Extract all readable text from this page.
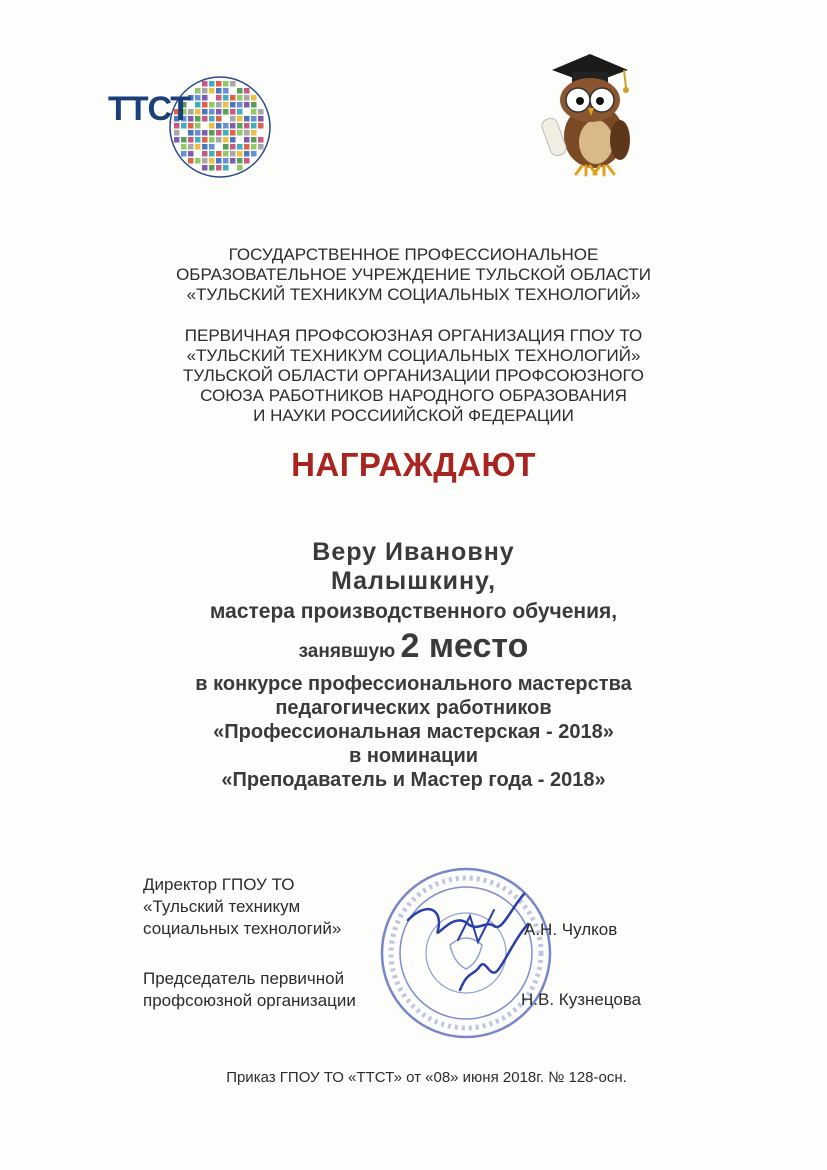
ТТСТ
ГОСУДАРСТВЕННОЕ ПРОФЕССИОНАЛЬНОЕ
ОБРАЗОВАТЕЛЬНОЕ УЧРЕЖДЕНИЕ ТУЛЬСКОЙ ОБЛАСТИ
«ТУЛЬСКИЙ ТЕХНИКУМ СОЦИАЛЬНЫХ ТЕХНОЛОГИЙ»
ПЕРВИЧНАЯ ПРОФСОЮЗНАЯ ОРГАНИЗАЦИЯ ГПОУ ТО
«ТУЛЬСКИЙ ТЕХНИКУМ СОЦИАЛЬНЫХ ТЕХНОЛОГИЙ»
ТУЛЬСКОЙ ОБЛАСТИ ОРГАНИЗАЦИИ ПРОФСОЮЗНОГО
СОЮЗА РАБОТНИКОВ НАРОДНОГО ОБРАЗОВАНИЯ
И НАУКИ РОССИИЙСКОЙ ФЕДЕРАЦИИ
НАГРАЖДАЮТ
Веру Ивановну
Малышкину,
мастера производственного обучения,
занявшую 2 место
в конкурсе профессионального мастерства
педагогических работников
«Профессиональная мастерская - 2018»
в номинации
«Преподаватель и Мастер года - 2018»
Директор ГПОУ ТО
«Тульский техникум
социальных технологий»	А.Н. Чулков
Председатель первичной
профсоюзной организации	Н.В. Кузнецова
Приказ ГПОУ ТО «ТТСТ» от «08» июня 2018г. № 128-осн.
